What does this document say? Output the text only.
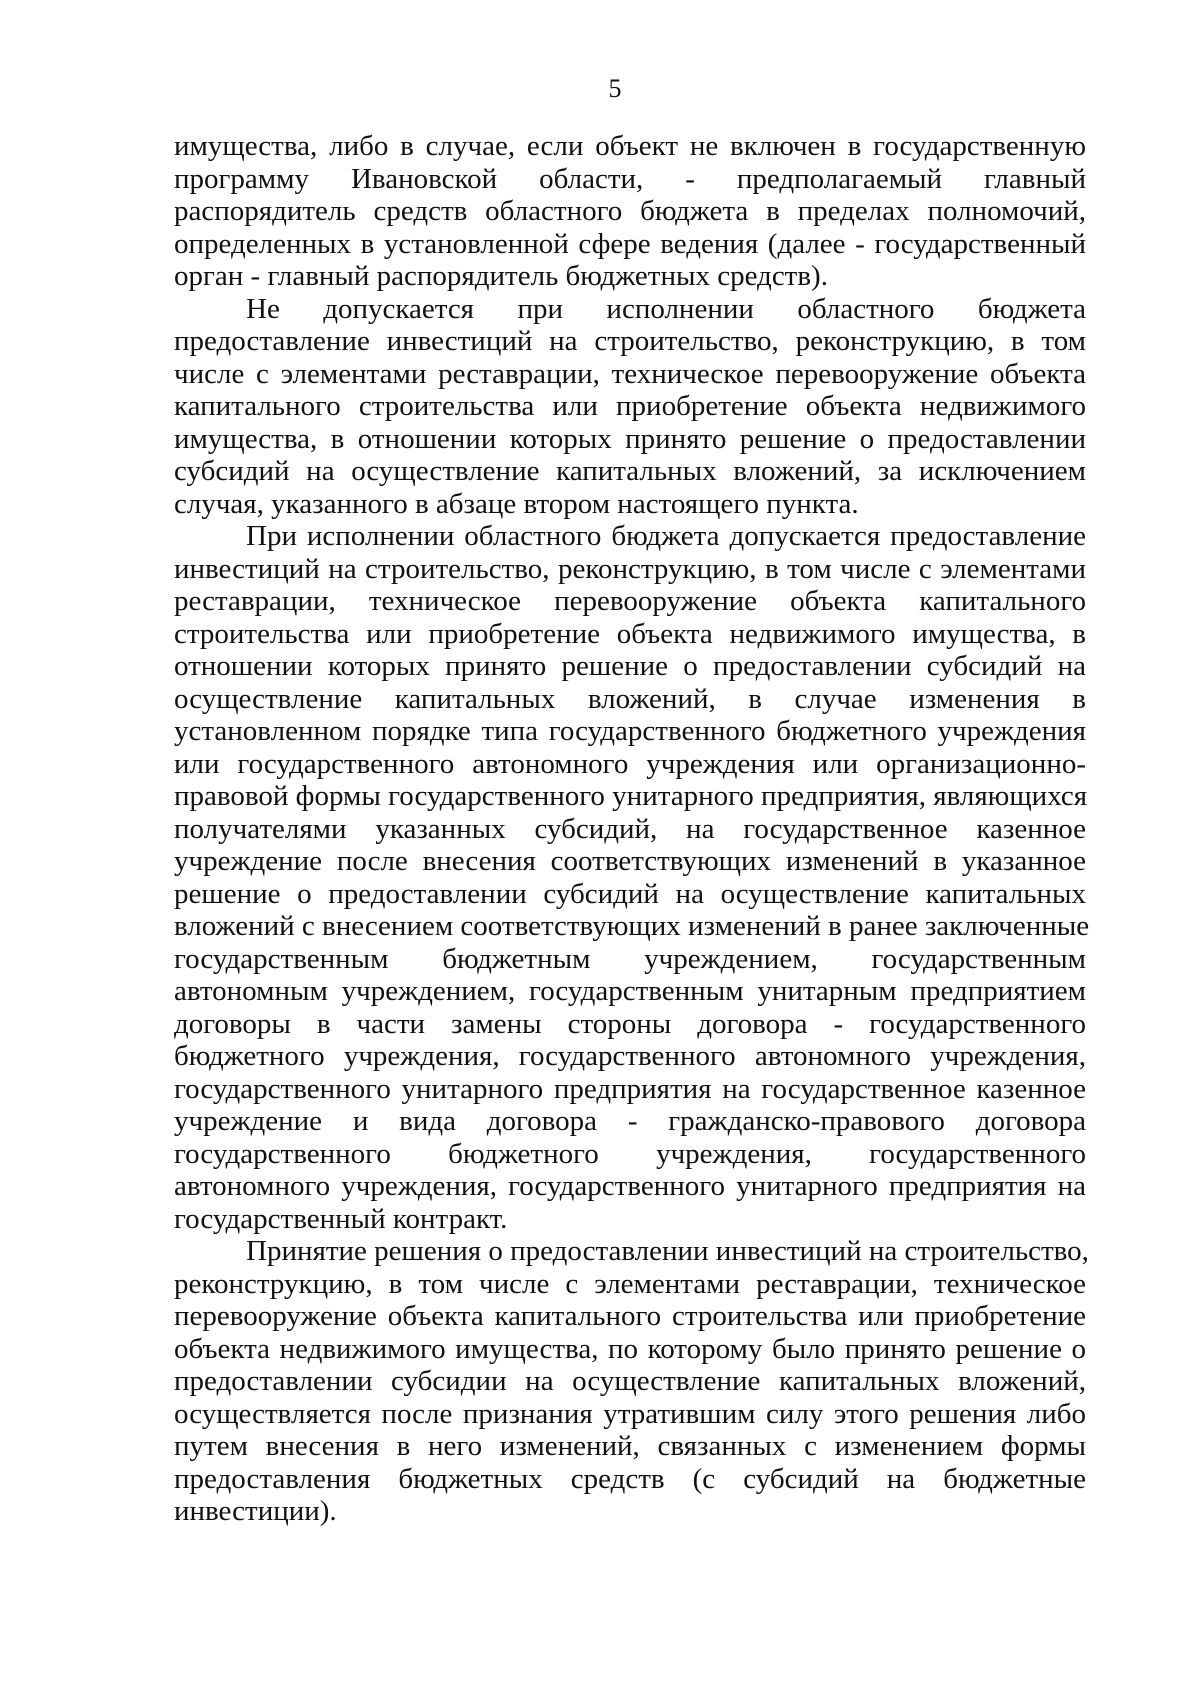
5

имущества, либо в случае, если объект не включен в государственную
программу Ивановской области, - предполагаемый главный
распорядитель средств областного бюджета в пределах полномочий,
определенных в установленной сфере ведения (далее - государственный
орган - главный распорядитель бюджетных средств).

Не допускается при исполнении областного бюджета
предоставление инвестиций на строительство, реконструкцию, в том
числе с элементами реставрации, техническое перевооружение объекта
капитального строительства или приобретение объекта недвижимого
имущества, в отношении которых принято решение о предоставлении
субсидий на осуществление капитальных вложений, за исключением
случая, указанного в абзаце втором настоящего пункта.

При исполнении областного бюджета допускается предоставление
инвестиций на строительство, реконструкцию, в том числе с элементами
реставрации, техническое перевооружение объекта капитального
строительства или приобретение объекта недвижимого имущества, в
отношении которых принято решение о предоставлении субсидий на
осуществление капитальных вложений, в случае изменения в
установленном порядке типа государственного бюджетного учреждения
или государственного автономного учреждения или организационно-
правовой формы государственного унитарного предприятия, являющихся
получателями указанных субсидий, на государственное казенное
учреждение после внесения соответствующих изменений в указанное
решение о предоставлении субсидий на осуществление капитальных
вложений с внесением соответствующих изменений в ранее заключенные
государственным бюджетным учреждением, государственным
автономным учреждением, государственным унитарным предприятием
договоры в части замены стороны договора - государственного
бюджетного учреждения, государственного автономного учреждения,
государственного унитарного предприятия на государственное казенное
учреждение и вида договора - гражданско-правового договора
государственного бюджетного учреждения, государственного
автономного учреждения, государственного унитарного предприятия на
государственный контракт.

Принятие решения о предоставлении инвестиций на строительство,
реконструкцию, в том числе с элементами реставрации, техническое
перевооружение объекта капитального строительства или приобретение
объекта недвижимого имущества, по которому было принято решение о
предоставлении субсидии на осуществление капитальных вложений,
осуществляется после признания утратившим силу этого решения либо
путем внесения в него изменений, связанных с изменением формы
предоставления бюджетных средств (с субсидий на бюджетные
инвестиции).
